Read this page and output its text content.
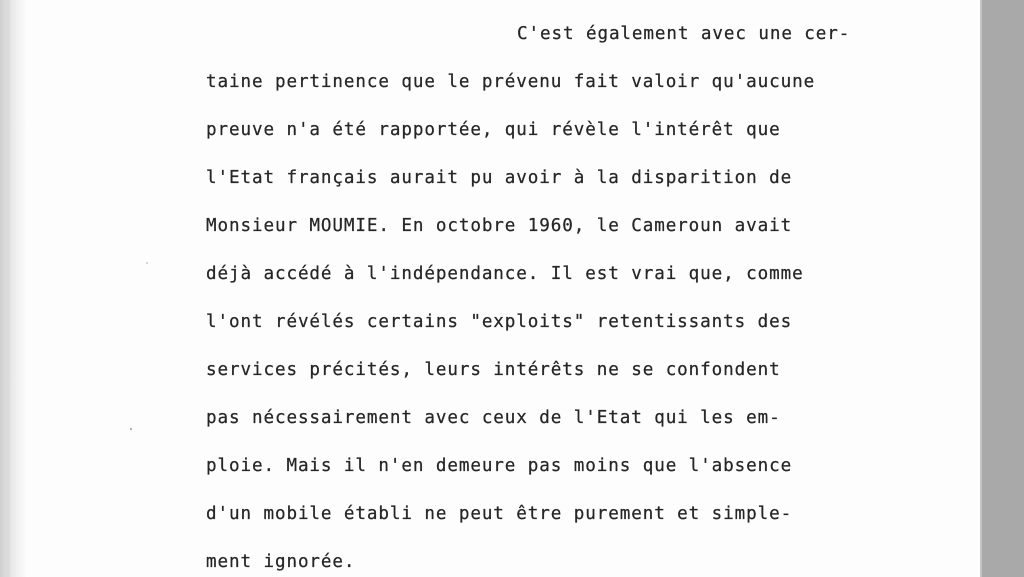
C'est également avec une cer-
taine pertinence que le prévenu fait valoir qu'aucune
preuve n'a été rapportée, qui révèle l'intérêt que
l'Etat français aurait pu avoir à la disparition de
Monsieur MOUMIE. En octobre 1960, le Cameroun avait
déjà accédé à l'indépendance. Il est vrai que, comme
l'ont révélés certains "exploits" retentissants des
services précités, leurs intérêts ne se confondent
pas nécessairement avec ceux de l'Etat qui les em-
ploie. Mais il n'en demeure pas moins que l'absence
d'un mobile établi ne peut être purement et simple-
ment ignorée.
